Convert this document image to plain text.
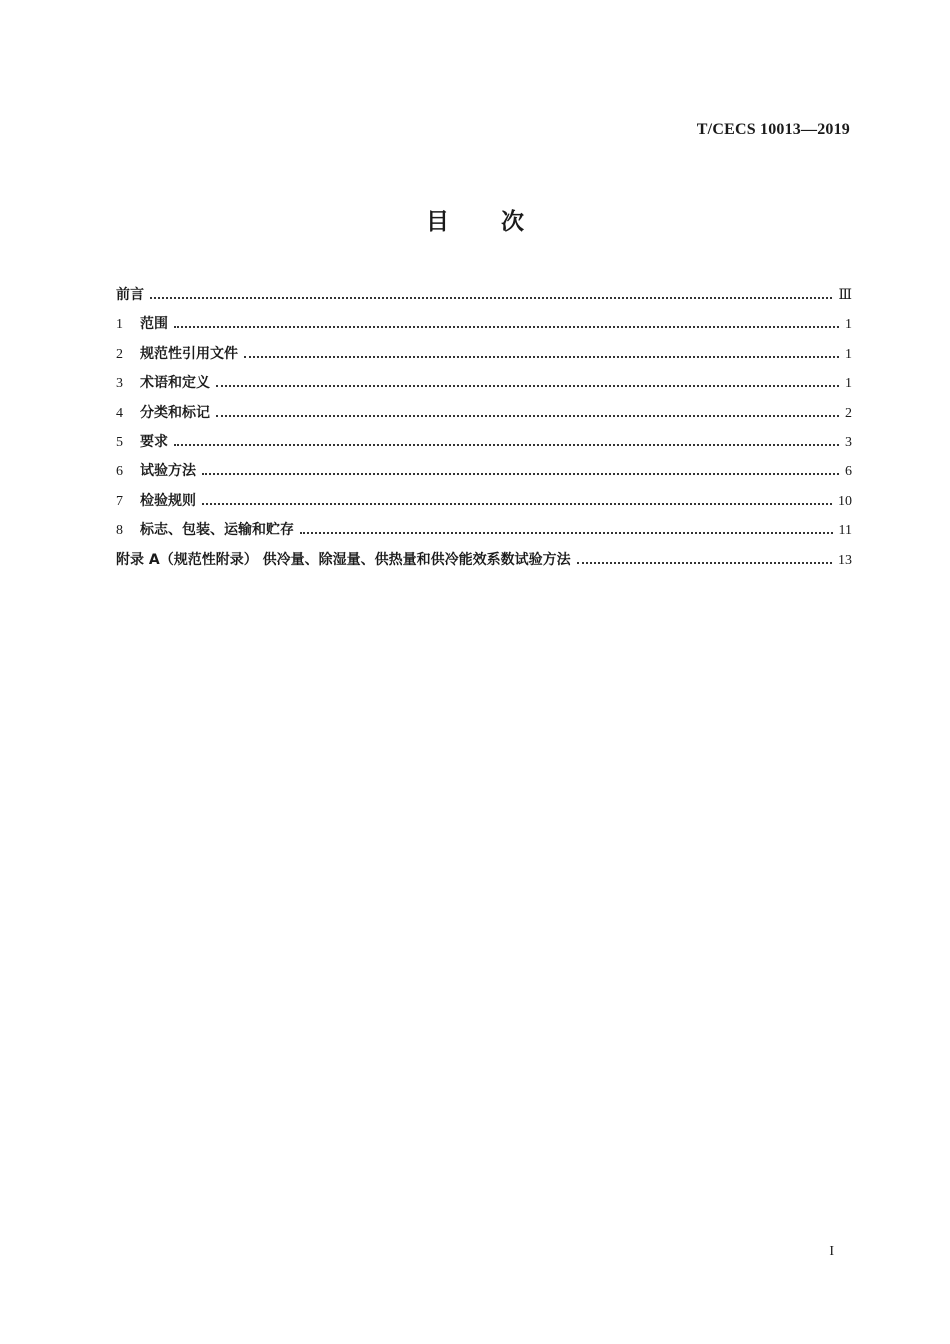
T/CECS 10013—2019
目次
前言	Ⅲ
1	范围	1
2	规范性引用文件	1
3	术语和定义	1
4	分类和标记	2
5	要求	3
6	试验方法	6
7	检验规则	10
8	标志、包装、运输和贮存	11
附录 A（规范性附录） 供冷量、除湿量、供热量和供冷能效系数试验方法	13
I
